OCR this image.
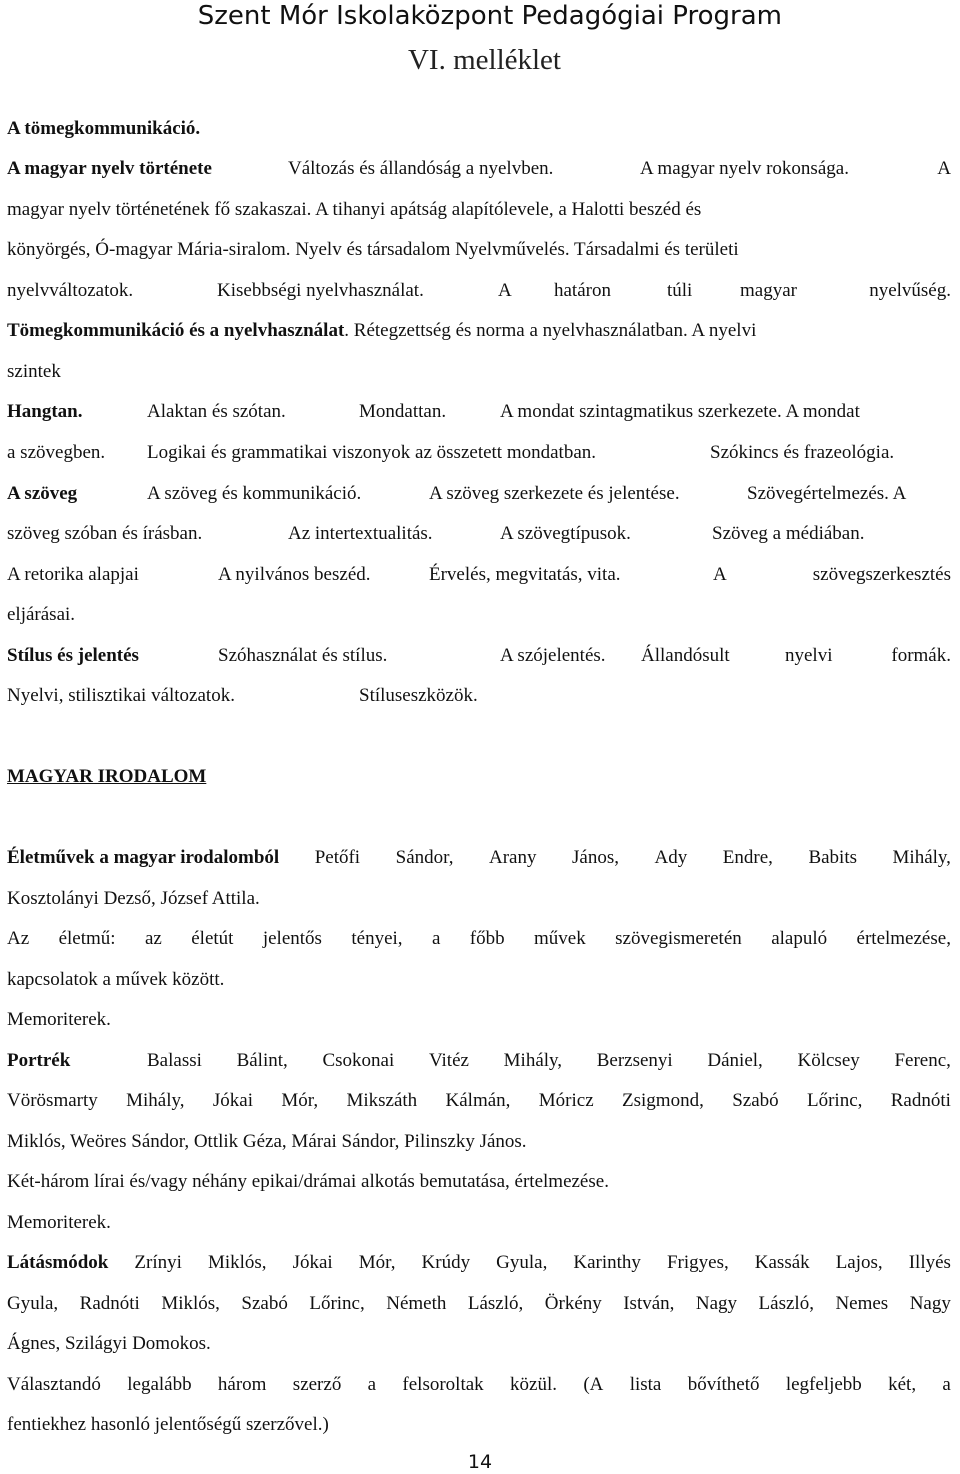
Szent Mór Iskolaközpont Pedagógiai Program
VI. melléklet
A tömegkommunikáció.
A magyar nyelv története	Változás és állandóság a nyelvben.	A magyar nyelv rokonsága.	A
magyar nyelv történetének fő szakaszai. A tihanyi apátság alapítólevele, a Halotti beszéd és
könyörgés, Ó-magyar Mária-siralom. Nyelv és társadalom Nyelvművelés. Társadalmi és területi
nyelvváltozatok.	Kisebbségi nyelvhasználat.	A határon	túli	magyar	nyelvűség.
Tömegkommunikáció és a nyelvhasználat. Rétegzettség és norma a nyelvhasználatban. A nyelvi
szintek
Hangtan.	Alaktan és szótan.	Mondattan.	A mondat szintagmatikus szerkezete. A mondat
a szövegben. Logikai és grammatikai viszonyok az összetett mondatban.	Szókincs és frazeológia.
A szöveg	A szöveg és kommunikáció.	A szöveg szerkezete és jelentése.	Szövegértelmezés. A
szöveg szóban és írásban.	Az intertextualitás.	A szövegtípusok.	Szöveg a médiában.
A retorika alapjai	A nyilvános beszéd.	Érvelés, megvitatás, vita.	A	szövegszerkesztés
eljárásai.
Stílus és jelentés	Szóhasználat és stílus.	A szójelentés. Állandósult	nyelvi	formák.
Nyelvi, stilisztikai változatok.	Stíluseszközök.
MAGYAR IRODALOM
Életművek a magyar irodalomból Petőfi Sándor, Arany János, Ady Endre, Babits Mihály,
Kosztolányi Dezső, József Attila.
Az életmű: az életút jelentős tényei, a főbb művek szövegismeretén alapuló értelmezése,
kapcsolatok a művek között.
Memoriterek.
Portrék	Balassi Bálint, Csokonai Vitéz Mihály, Berzsenyi Dániel, Kölcsey Ferenc,
Vörösmarty Mihály, Jókai Mór, Mikszáth Kálmán, Móricz Zsigmond, Szabó Lőrinc, Radnóti
Miklós, Weöres Sándor, Ottlik Géza, Márai Sándor, Pilinszky János.
Két-három lírai és/vagy néhány epikai/drámai alkotás bemutatása, értelmezése.
Memoriterek.
Látásmódok Zrínyi Miklós, Jókai Mór, Krúdy Gyula, Karinthy Frigyes, Kassák Lajos, Illyés
Gyula, Radnóti Miklós, Szabó Lőrinc, Németh László, Örkény István, Nagy László, Nemes Nagy
Ágnes, Szilágyi Domokos.
Választandó legalább három szerző a felsoroltak közül. (A lista bővíthető legfeljebb két, a
fentiekhez hasonló jelentőségű szerzővel.)
14
